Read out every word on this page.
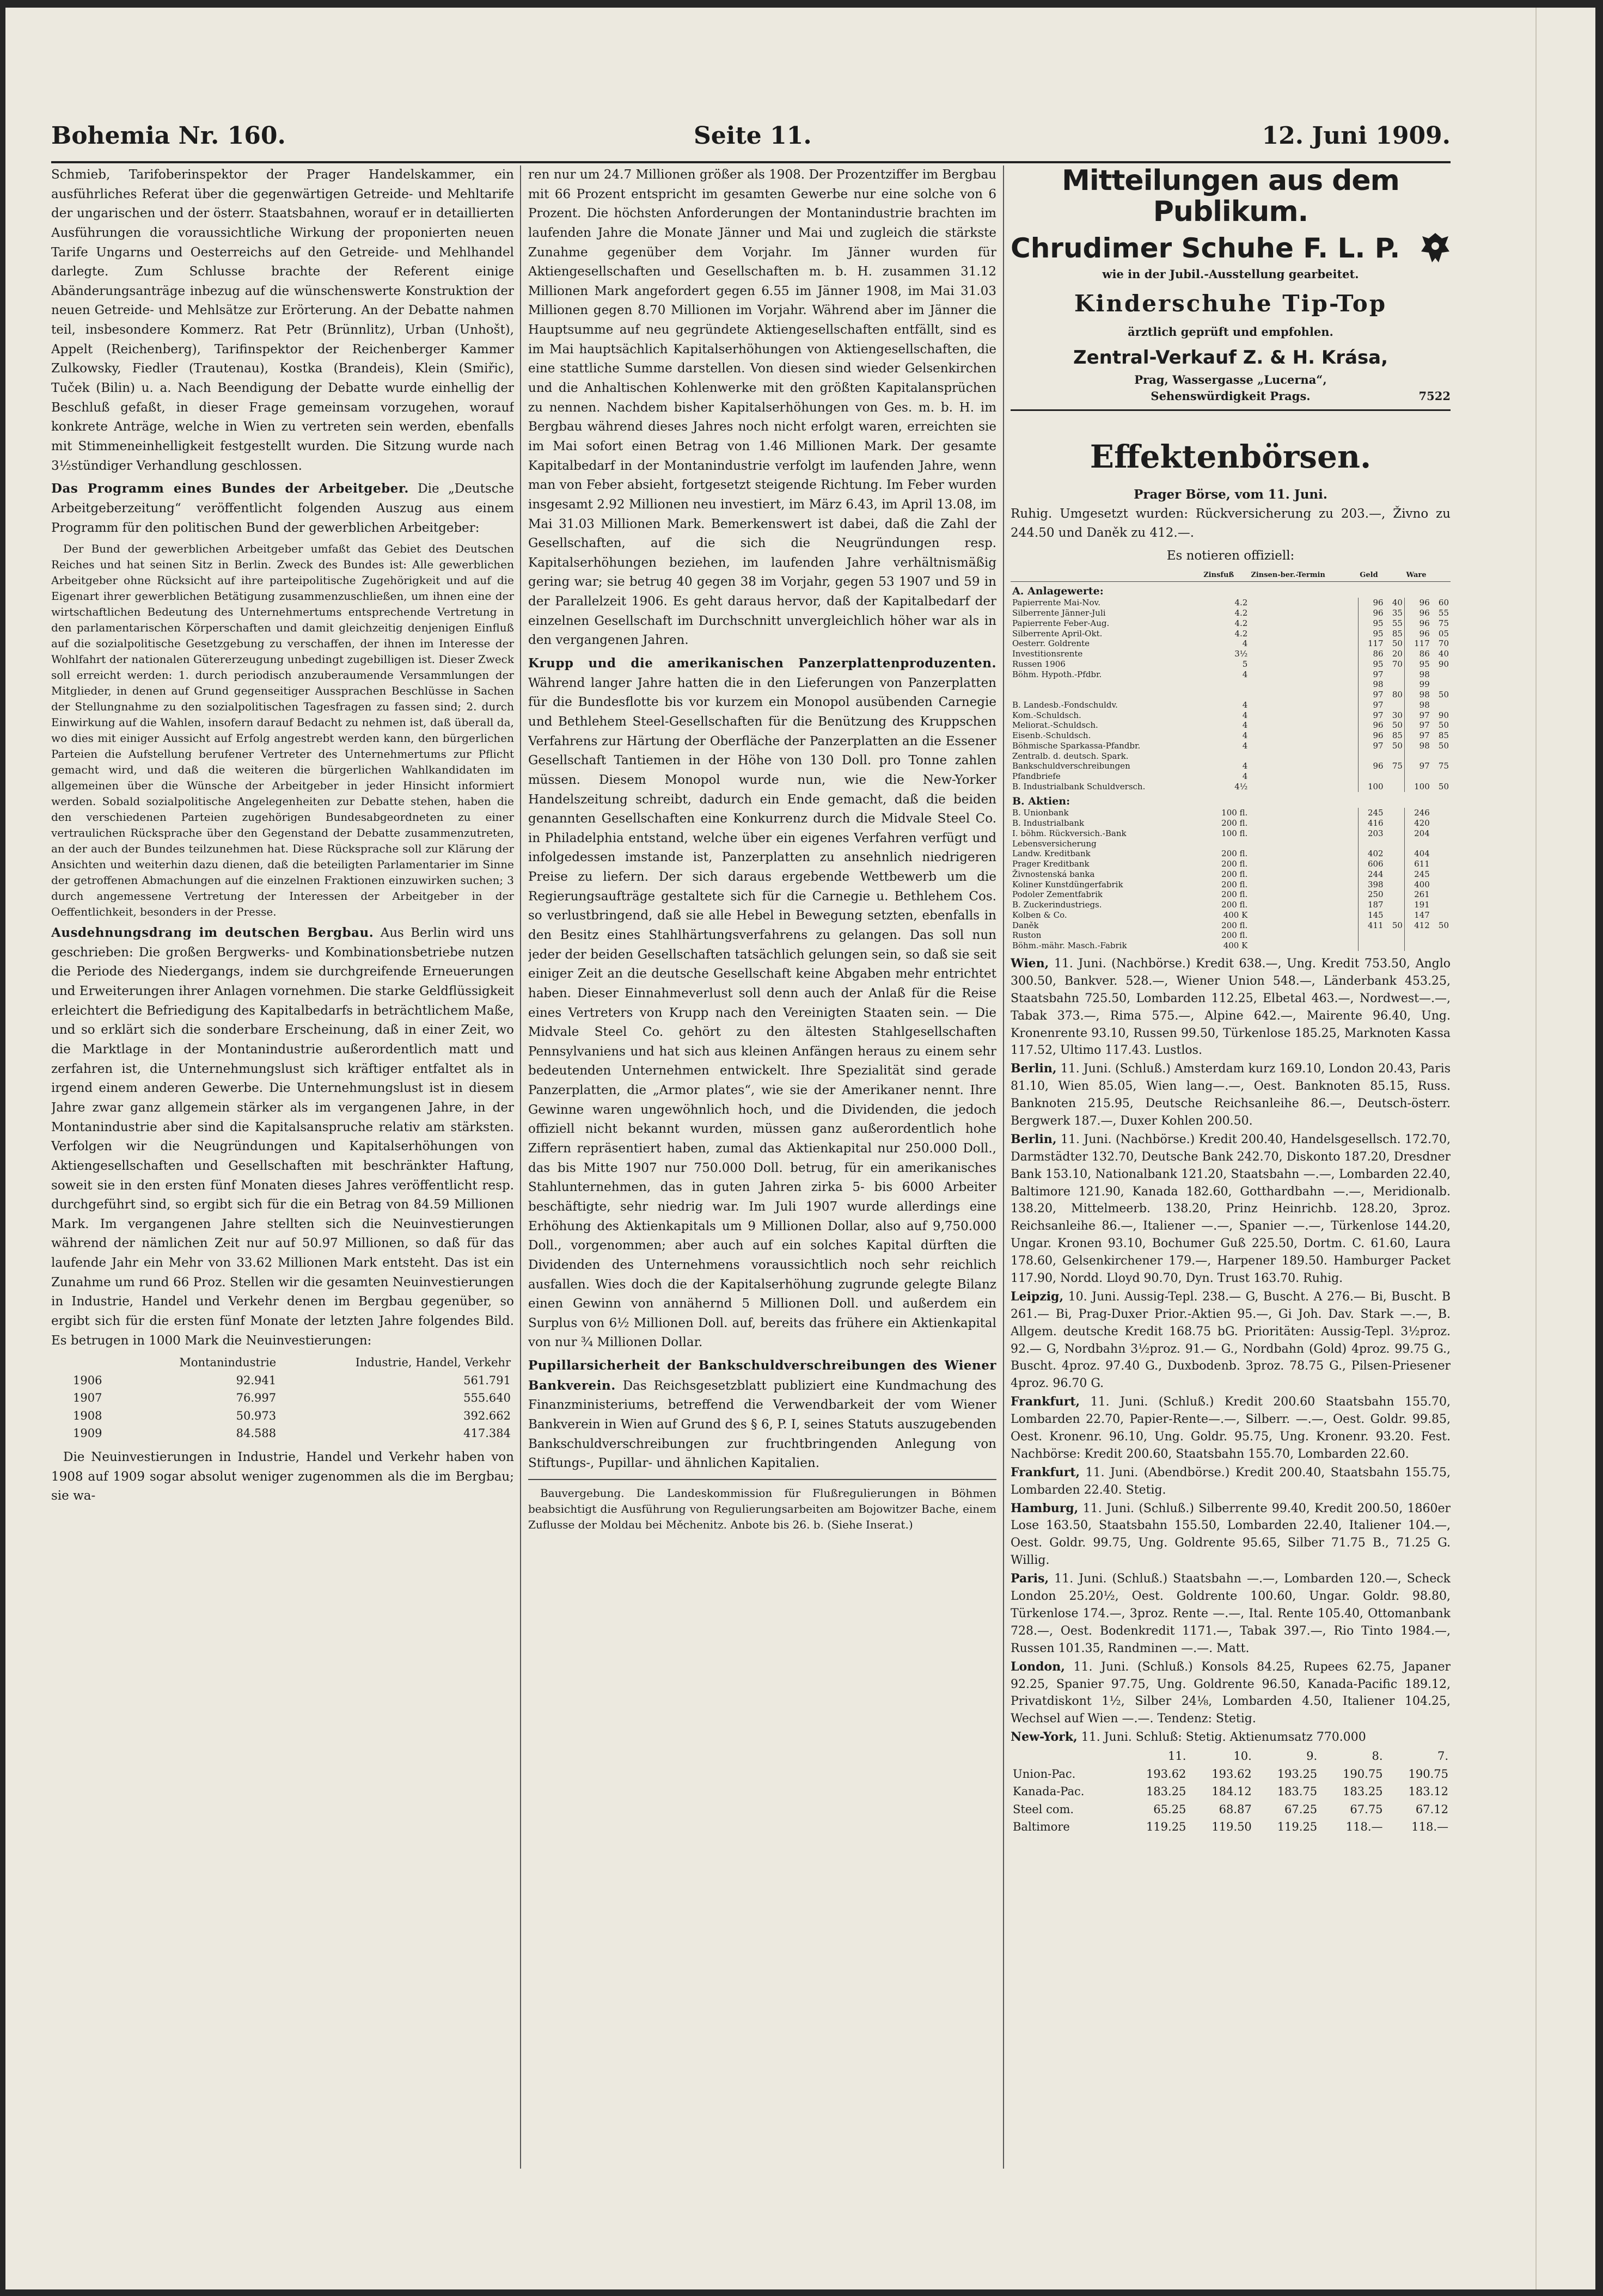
Bohemia Nr. 160.	Seite 11.	12. Juni 1909.

Schmieb, Tarifoberinspektor der Prager Handelskammer, ein ausführliches Referat über die gegenwärtigen Getreide- und Mehltarife der ungarischen und der österr. Staatsbahnen, worauf er in detaillierten Ausführungen die voraussichtliche Wirkung der proponierten neuen Tarife Ungarns und Oesterreichs auf den Getreide- und Mehlhandel darlegte. Zum Schlusse brachte der Referent einige Abänderungsanträge inbezug auf die wünschenswerte Konstruktion der neuen Getreide- und Mehlsätze zur Erörterung. An der Debatte nahmen teil, insbesondere Kommerz. Rat Petr (Brünnlitz), Urban (Unhošt), Appelt (Reichenberg), Tarifinspektor der Reichenberger Kammer Zulkowsky, Fiedler (Trautenau), Kostka (Brandeis), Klein (Smiřic), Tuček (Bilin) u. a. Nach Beendigung der Debatte wurde einhellig der Beschluß gefaßt, in dieser Frage gemeinsam vorzugehen, worauf konkrete Anträge, welche in Wien zu vertreten sein werden, ebenfalls mit Stimmeneinhelligkeit festgestellt wurden. Die Sitzung wurde nach 3½stündiger Verhandlung geschlossen.

Das Programm eines Bundes der Arbeitgeber. Die „Deutsche Arbeitgeberzeitung“ veröffentlicht folgenden Auszug aus einem Programm für den politischen Bund der gewerblichen Arbeitgeber:

Der Bund der gewerblichen Arbeitgeber umfaßt das Gebiet des Deutschen Reiches und hat seinen Sitz in Berlin. Zweck des Bundes ist: Alle gewerblichen Arbeitgeber ohne Rücksicht auf ihre parteipolitische Zugehörigkeit und auf die Eigenart ihrer gewerblichen Betätigung zusammenzuschließen, um ihnen eine der wirtschaftlichen Bedeutung des Unternehmertums entsprechende Vertretung in den parlamentarischen Körperschaften und damit gleichzeitig denjenigen Einfluß auf die sozialpolitische Gesetzgebung zu verschaffen, der ihnen im Interesse der Wohlfahrt der nationalen Gütererzeugung unbedingt zugebilligen ist. Dieser Zweck soll erreicht werden: 1. durch periodisch anzuberaumende Versammlungen der Mitglieder, in denen auf Grund gegenseitiger Aussprachen Beschlüsse in Sachen der Stellungnahme zu den sozialpolitischen Tagesfragen zu fassen sind; 2. durch Einwirkung auf die Wahlen, insofern darauf Bedacht zu nehmen ist, daß überall da, wo dies mit einiger Aussicht auf Erfolg angestrebt werden kann, den bürgerlichen Parteien die Aufstellung berufener Vertreter des Unternehmertums zur Pflicht gemacht wird, und daß die weiteren die bürgerlichen Wahlkandidaten im allgemeinen über die Wünsche der Arbeitgeber in jeder Hinsicht informiert werden. Sobald sozialpolitische Angelegenheiten zur Debatte stehen, haben die den verschiedenen Parteien zugehörigen Bundesabgeordneten zu einer vertraulichen Rücksprache über den Gegenstand der Debatte zusammenzutreten, an der auch der Bundes teilzunehmen hat. Diese Rücksprache soll zur Klärung der Ansichten und weiterhin dazu dienen, daß die beteiligten Parlamentarier im Sinne der getroffenen Abmachungen auf die einzelnen Fraktionen einzuwirken suchen; 3 durch angemessene Vertretung der Interessen der Arbeitgeber in der Oeffentlichkeit, besonders in der Presse.

Ausdehnungsdrang im deutschen Bergbau. Aus Berlin wird uns geschrieben: Die großen Bergwerks- und Kombinationsbetriebe nutzen die Periode des Niedergangs, indem sie durchgreifende Erneuerungen und Erweiterungen ihrer Anlagen vornehmen. Die starke Geldflüssigkeit erleichtert die Befriedigung des Kapitalbedarfs in beträchtlichem Maße, und so erklärt sich die sonderbare Erscheinung, daß in einer Zeit, wo die Marktlage in der Montanindustrie außerordentlich matt und zerfahren ist, die Unternehmungslust sich kräftiger entfaltet als in irgend einem anderen Gewerbe. Die Unternehmungslust ist in diesem Jahre zwar ganz allgemein stärker als im vergangenen Jahre, in der Montanindustrie aber sind die Kapitalsanspruche relativ am stärksten. Verfolgen wir die Neugründungen und Kapitalserhöhungen von Aktiengesellschaften und Gesellschaften mit beschränkter Haftung, soweit sie in den ersten fünf Monaten dieses Jahres veröffentlicht resp. durchgeführt sind, so ergibt sich für die ein Betrag von 84.59 Millionen Mark. Im vergangenen Jahre stellten sich die Neuinvestierungen während der nämlichen Zeit nur auf 50.97 Millionen, so daß für das laufende Jahr ein Mehr von 33.62 Millionen Mark entsteht. Das ist ein Zunahme um rund 66 Proz. Stellen wir die gesamten Neuinvestierungen in Industrie, Handel und Verkehr denen im Bergbau gegenüber, so ergibt sich für die ersten fünf Monate der letzten Jahre folgendes Bild. Es betrugen in 1000 Mark die Neuinvestierungen:

	Montanindustrie	Industrie, Handel, Verkehr
1906	92.941	561.791
1907	76.997	555.640
1908	50.973	392.662
1909	84.588	417.384

Die Neuinvestierungen in Industrie, Handel und Verkehr haben von 1908 auf 1909 sogar absolut weniger zugenommen als die im Bergbau; sie wa-

ren nur um 24.7 Millionen größer als 1908. Der Prozentziffer im Bergbau mit 66 Prozent entspricht im gesamten Gewerbe nur eine solche von 6 Prozent. Die höchsten Anforderungen der Montanindustrie brachten im laufenden Jahre die Monate Jänner und Mai und zugleich die stärkste Zunahme gegenüber dem Vorjahr. Im Jänner wurden für Aktiengesellschaften und Gesellschaften m. b. H. zusammen 31.12 Millionen Mark angefordert gegen 6.55 im Jänner 1908, im Mai 31.03 Millionen gegen 8.70 Millionen im Vorjahr. Während aber im Jänner die Hauptsumme auf neu gegründete Aktiengesellschaften entfällt, sind es im Mai hauptsächlich Kapitalserhöhungen von Aktiengesellschaften, die eine stattliche Summe darstellen. Von diesen sind wieder Gelsenkirchen und die Anhaltischen Kohlenwerke mit den größten Kapitalansprüchen zu nennen. Nachdem bisher Kapitalserhöhungen von Ges. m. b. H. im Bergbau während dieses Jahres noch nicht erfolgt waren, erreichten sie im Mai sofort einen Betrag von 1.46 Millionen Mark. Der gesamte Kapitalbedarf in der Montanindustrie verfolgt im laufenden Jahre, wenn man von Feber absieht, fortgesetzt steigende Richtung. Im Feber wurden insgesamt 2.92 Millionen neu investiert, im März 6.43, im April 13.08, im Mai 31.03 Millionen Mark. Bemerkenswert ist dabei, daß die Zahl der Gesellschaften, auf die sich die Neugründungen resp. Kapitalserhöhungen beziehen, im laufenden Jahre verhältnismäßig gering war; sie betrug 40 gegen 38 im Vorjahr, gegen 53 1907 und 59 in der Parallelzeit 1906. Es geht daraus hervor, daß der Kapitalbedarf der einzelnen Gesellschaft im Durchschnitt unvergleichlich höher war als in den vergangenen Jahren.

Krupp und die amerikanischen Panzerplattenproduzenten. Während langer Jahre hatten die in den Lieferungen von Panzerplatten für die Bundesflotte bis vor kurzem ein Monopol ausübenden Carnegie und Bethlehem Steel-Gesellschaften für die Benützung des Kruppschen Verfahrens zur Härtung der Oberfläche der Panzerplatten an die Essener Gesellschaft Tantiemen in der Höhe von 130 Doll. pro Tonne zahlen müssen. Diesem Monopol wurde nun, wie die New-Yorker Handelszeitung schreibt, dadurch ein Ende gemacht, daß die beiden genannten Gesellschaften eine Konkurrenz durch die Midvale Steel Co. in Philadelphia entstand, welche über ein eigenes Verfahren verfügt und infolgedessen imstande ist, Panzerplatten zu ansehnlich niedrigeren Preise zu liefern. Der sich daraus ergebende Wettbewerb um die Regierungsaufträge gestaltete sich für die Carnegie u. Bethlehem Cos. so verlustbringend, daß sie alle Hebel in Bewegung setzten, ebenfalls in den Besitz eines Stahlhärtungsverfahrens zu gelangen. Das soll nun jeder der beiden Gesellschaften tatsächlich gelungen sein, so daß sie seit einiger Zeit an die deutsche Gesellschaft keine Abgaben mehr entrichtet haben. Dieser Einnahmeverlust soll denn auch der Anlaß für die Reise eines Vertreters von Krupp nach den Vereinigten Staaten sein. — Die Midvale Steel Co. gehört zu den ältesten Stahlgesellschaften Pennsylvaniens und hat sich aus kleinen Anfängen heraus zu einem sehr bedeutenden Unternehmen entwickelt. Ihre Spezialität sind gerade Panzerplatten, die „Armor plates“, wie sie der Amerikaner nennt. Ihre Gewinne waren ungewöhnlich hoch, und die Dividenden, die jedoch offiziell nicht bekannt wurden, müssen ganz außerordentlich hohe Ziffern repräsentiert haben, zumal das Aktienkapital nur 250.000 Doll., das bis Mitte 1907 nur 750.000 Doll. betrug, für ein amerikanisches Stahlunternehmen, das in guten Jahren zirka 5- bis 6000 Arbeiter beschäftigte, sehr niedrig war. Im Juli 1907 wurde allerdings eine Erhöhung des Aktienkapitals um 9 Millionen Dollar, also auf 9,750.000 Doll., vorgenommen; aber auch auf ein solches Kapital dürften die Dividenden des Unternehmens voraussichtlich noch sehr reichlich ausfallen. Wies doch die der Kapitalserhöhung zugrunde gelegte Bilanz einen Gewinn von annähernd 5 Millionen Doll. und außerdem ein Surplus von 6½ Millionen Doll. auf, bereits das frühere ein Aktienkapital von nur ¾ Millionen Dollar.

Pupillarsicherheit der Bankschuldverschreibungen des Wiener Bankverein. Das Reichsgesetzblatt publiziert eine Kundmachung des Finanzministeriums, betreffend die Verwendbarkeit der vom Wiener Bankverein in Wien auf Grund des § 6, P. I, seines Statuts auszugebenden Bankschuldverschreibungen zur fruchtbringenden Anlegung von Stiftungs-, Pupillar- und ähnlichen Kapitalien.

Bauvergebung. Die Landeskommission für Flußregulierungen in Böhmen beabsichtigt die Ausführung von Regulierungsarbeiten am Bojowitzer Bache, einem Zuflusse der Moldau bei Měchenitz. Anbote bis 26. b. (Siehe Inserat.)

Mitteilungen aus dem Publikum.
Chrudimer Schuhe F. L. P.
wie in der Jubil.-Ausstellung gearbeitet.
Kinderschuhe Tip-Top
ärztlich geprüft und empfohlen.
Zentral-Verkauf Z. & H. Krása,
Prag, Wassergasse „Lucerna“,
Sehenswürdigkeit Prags.	7522
Effektenbörsen.
Prager Börse, vom 11. Juni.

Ruhig. Umgesetzt wurden: Rückversicherung zu 203.—, Živno zu 244.50 und Daněk zu 412.—.

Es notieren offiziell:
	Zinsfuß	Zinsen-ber.-Termin	Geld		Ware	
A. Anlagewerte:						
Papierrente Mai-Nov.	4.2		96	40	96	60
Silberrente Jänner-Juli	4.2		96	35	96	55
Papierrente Feber-Aug.	4.2		95	55	96	75
Silberrente April-Okt.	4.2		95	85	96	05
Oesterr. Goldrente	4		117	50	117	70
Investitionsrente	3½		86	20	86	40
Russen 1906	5		95	70	95	90
Böhm. Hypoth.-Pfdbr.	4		97		98	
			98		99	
			97	80	98	50
B. Landesb.-Fondschuldv.	4		97		98	
Kom.-Schuldsch.	4		97	30	97	90
Meliorat.-Schuldsch.	4		96	50	97	50
Eisenb.-Schuldsch.	4		96	85	97	85
Böhmische Sparkassa-Pfandbr.	4		97	50	98	50
Zentralb. d. deutsch. Spark.						
Bankschuldverschreibungen	4		96	75	97	75
Pfandbriefe	4					
B. Industrialbank Schuldversch.	4½		100		100	50
B. Aktien:						
B. Unionbank	100 fl.		245		246	
B. Industrialbank	200 fl.		416		420	
I. böhm. Rückversich.-Bank	100 fl.		203		204	
Lebensversicherung						
Landw. Kreditbank	200 fl.		402		404	
Prager Kreditbank	200 fl.		606		611	
Živnostenská banka	200 fl.		244		245	
Koliner Kunstdüngerfabrik	200 fl.		398		400	
Podoler Zementfabrik	200 fl.		250		261	
B. Zuckerindustriegs.	200 fl.		187		191	
Kolben & Co.	400 K		145		147	
Daněk	200 fl.		411	50	412	50
Ruston	200 fl.					
Böhm.-mähr. Masch.-Fabrik	400 K					

Wien, 11. Juni. (Nachbörse.) Kredit 638.—, Ung. Kredit 753.50, Anglo 300.50, Bankver. 528.—, Wiener Union 548.—, Länderbank 453.25, Staatsbahn 725.50, Lombarden 112.25, Elbetal 463.—, Nordwest—.—, Tabak 373.—, Rima 575.—, Alpine 642.—, Mairente 96.40, Ung. Kronenrente 93.10, Russen 99.50, Türkenlose 185.25, Marknoten Kassa 117.52, Ultimo 117.43. Lustlos.

Berlin, 11. Juni. (Schluß.) Amsterdam kurz 169.10, London 20.43, Paris 81.10, Wien 85.05, Wien lang—.—, Oest. Banknoten 85.15, Russ. Banknoten 215.95, Deutsche Reichsanleihe 86.—, Deutsch-österr. Bergwerk 187.—, Duxer Kohlen 200.50.

Berlin, 11. Juni. (Nachbörse.) Kredit 200.40, Handelsgesellsch. 172.70, Darmstädter 132.70, Deutsche Bank 242.70, Diskonto 187.20, Dresdner Bank 153.10, Nationalbank 121.20, Staatsbahn —.—, Lombarden 22.40, Baltimore 121.90, Kanada 182.60, Gotthardbahn —.—, Meridionalb. 138.20, Mittelmeerb. 138.20, Prinz Heinrichb. 128.20, 3proz. Reichsanleihe 86.—, Italiener —.—, Spanier —.—, Türkenlose 144.20, Ungar. Kronen 93.10, Bochumer Guß 225.50, Dortm. C. 61.60, Laura 178.60, Gelsenkirchener 179.—, Harpener 189.50. Hamburger Packet 117.90, Nordd. Lloyd 90.70, Dyn. Trust 163.70. Ruhig.

Leipzig, 10. Juni. Aussig-Tepl. 238.— G, Buscht. A 276.— Bi, Buscht. B 261.— Bi, Prag-Duxer Prior.-Aktien 95.—, Gi Joh. Dav. Stark —.—, B. Allgem. deutsche Kredit 168.75 bG. Prioritäten: Aussig-Tepl. 3½proz. 92.— G, Nordbahn 3½proz. 91.— G., Nordbahn (Gold) 4proz. 99.75 G., Buscht. 4proz. 97.40 G., Duxbodenb. 3proz. 78.75 G., Pilsen-Priesener 4proz. 96.70 G.

Frankfurt, 11. Juni. (Schluß.) Kredit 200.60 Staatsbahn 155.70, Lombarden 22.70, Papier-Rente—.—, Silberr. —.—, Oest. Goldr. 99.85, Oest. Kronenr. 96.10, Ung. Goldr. 95.75, Ung. Kronenr. 93.20. Fest. Nachbörse: Kredit 200.60, Staatsbahn 155.70, Lombarden 22.60.

Frankfurt, 11. Juni. (Abendbörse.) Kredit 200.40, Staatsbahn 155.75, Lombarden 22.40. Stetig.

Hamburg, 11. Juni. (Schluß.) Silberrente 99.40, Kredit 200.50, 1860er Lose 163.50, Staatsbahn 155.50, Lombarden 22.40, Italiener 104.—, Oest. Goldr. 99.75, Ung. Goldrente 95.65, Silber 71.75 B., 71.25 G. Willig.

Paris, 11. Juni. (Schluß.) Staatsbahn —.—, Lombarden 120.—, Scheck London 25.20½, Oest. Goldrente 100.60, Ungar. Goldr. 98.80, Türkenlose 174.—, 3proz. Rente —.—, Ital. Rente 105.40, Ottomanbank 728.—, Oest. Bodenkredit 1171.—, Tabak 397.—, Rio Tinto 1984.—, Russen 101.35, Randminen —.—. Matt.

London, 11. Juni. (Schluß.) Konsols 84.25, Rupees 62.75, Japaner 92.25, Spanier 97.75, Ung. Goldrente 96.50, Kanada-Pacific 189.12, Privatdiskont 1½, Silber 24⅛, Lombarden 4.50, Italiener 104.25, Wechsel auf Wien —.—. Tendenz: Stetig.

New-York, 11. Juni. Schluß: Stetig. Aktienumsatz 770.000

	11.	10.	9.	8.	7.
Union-Pac.	193.62	193.62	193.25	190.75	190.75
Kanada-Pac.	183.25	184.12	183.75	183.25	183.12
Steel com.	65.25	68.87	67.25	67.75	67.12
Baltimore	119.25	119.50	119.25	118.—	118.—
